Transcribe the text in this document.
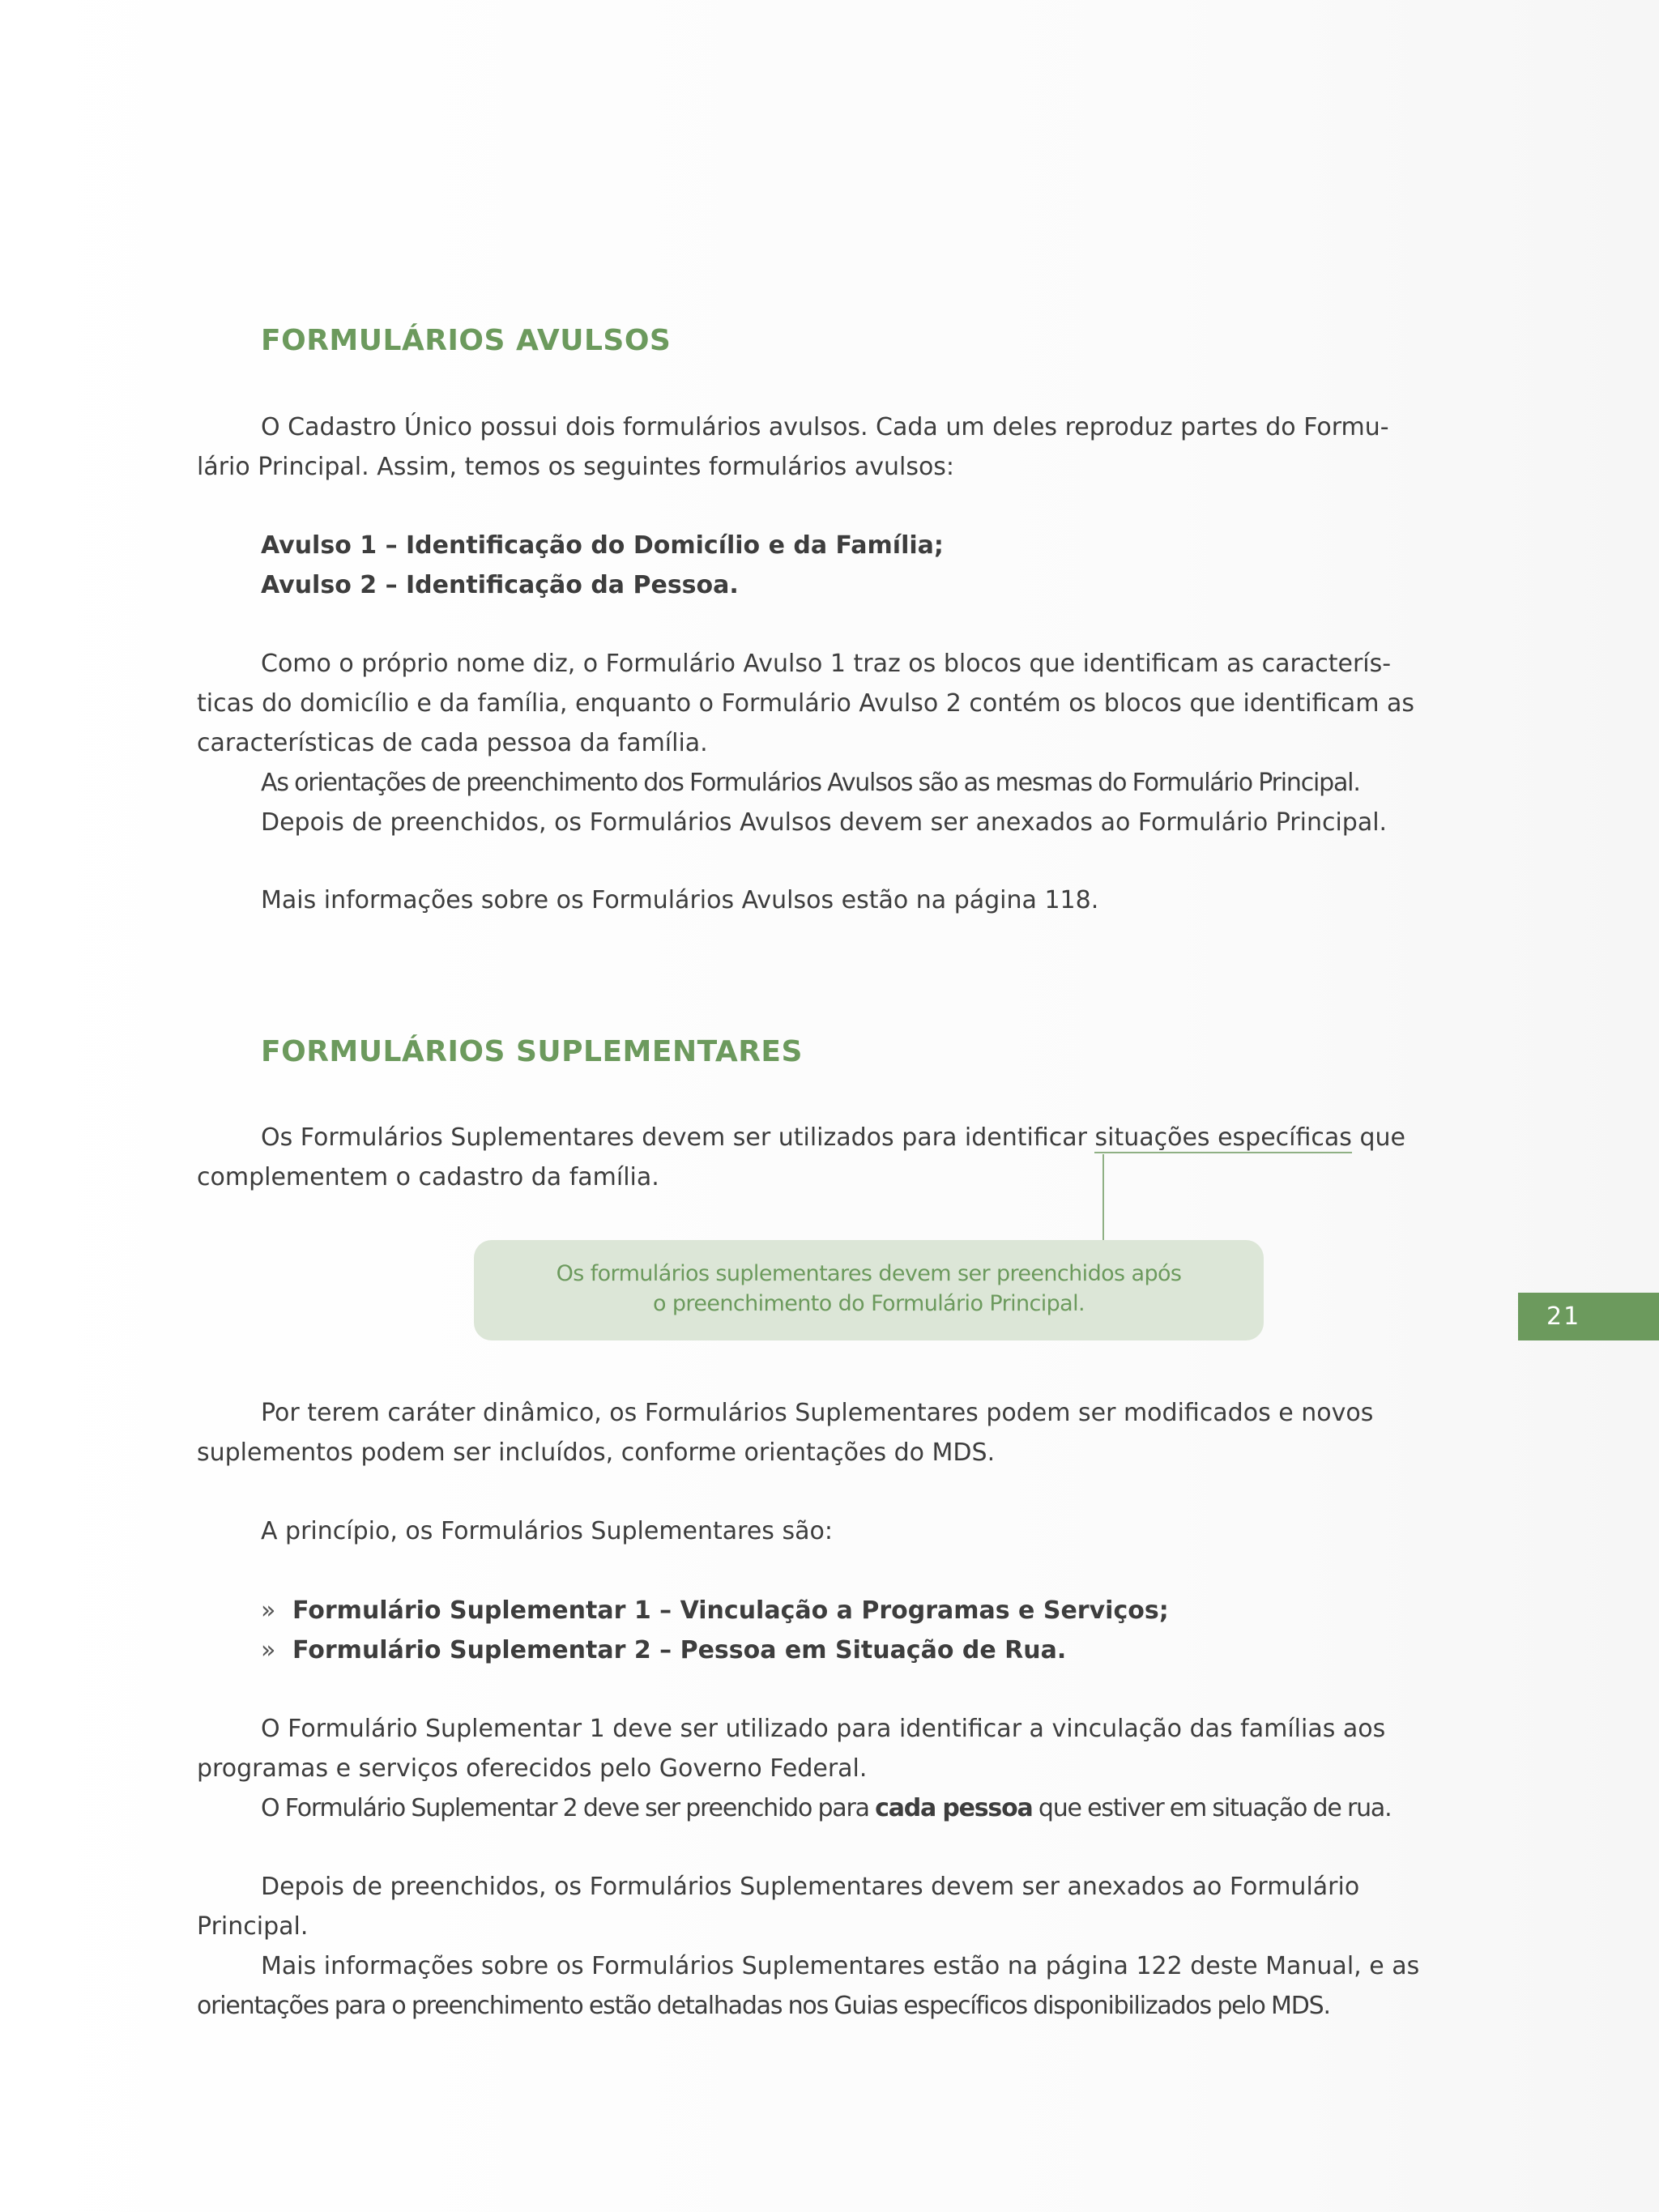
FORMULÁRIOS AVULSOS
O Cadastro Único possui dois formulários avulsos. Cada um deles reproduz partes do Formu-
lário Principal. Assim, temos os seguintes formulários avulsos:
Avulso 1 – Identificação do Domicílio e da Família;
Avulso 2 – Identificação da Pessoa.
Como o próprio nome diz, o Formulário Avulso 1 traz os blocos que identificam as caracterís-
ticas do domicílio e da família, enquanto o Formulário Avulso 2 contém os blocos que identificam as
características de cada pessoa da família.
As orientações de preenchimento dos Formulários Avulsos são as mesmas do Formulário Principal.
Depois de preenchidos, os Formulários Avulsos devem ser anexados ao Formulário Principal.
Mais informações sobre os Formulários Avulsos estão na página 118.
FORMULÁRIOS SUPLEMENTARES
Os Formulários Suplementares devem ser utilizados para identificar situações específicas que
complementem o cadastro da família.
Os formulários suplementares devem ser preenchidos após
o preenchimento do Formulário Principal.	21
Por terem caráter dinâmico, os Formulários Suplementares podem ser modificados e novos
suplementos podem ser incluídos, conforme orientações do MDS.
A princípio, os Formulários Suplementares são:
» Formulário Suplementar 1 – Vinculação a Programas e Serviços;
» Formulário Suplementar 2 – Pessoa em Situação de Rua.
O Formulário Suplementar 1 deve ser utilizado para identificar a vinculação das famílias aos
programas e serviços oferecidos pelo Governo Federal.
O Formulário Suplementar 2 deve ser preenchido para cada pessoa que estiver em situação de rua.
Depois de preenchidos, os Formulários Suplementares devem ser anexados ao Formulário
Principal.
Mais informações sobre os Formulários Suplementares estão na página 122 deste Manual, e as
orientações para o preenchimento estão detalhadas nos Guias específicos disponibilizados pelo MDS.
